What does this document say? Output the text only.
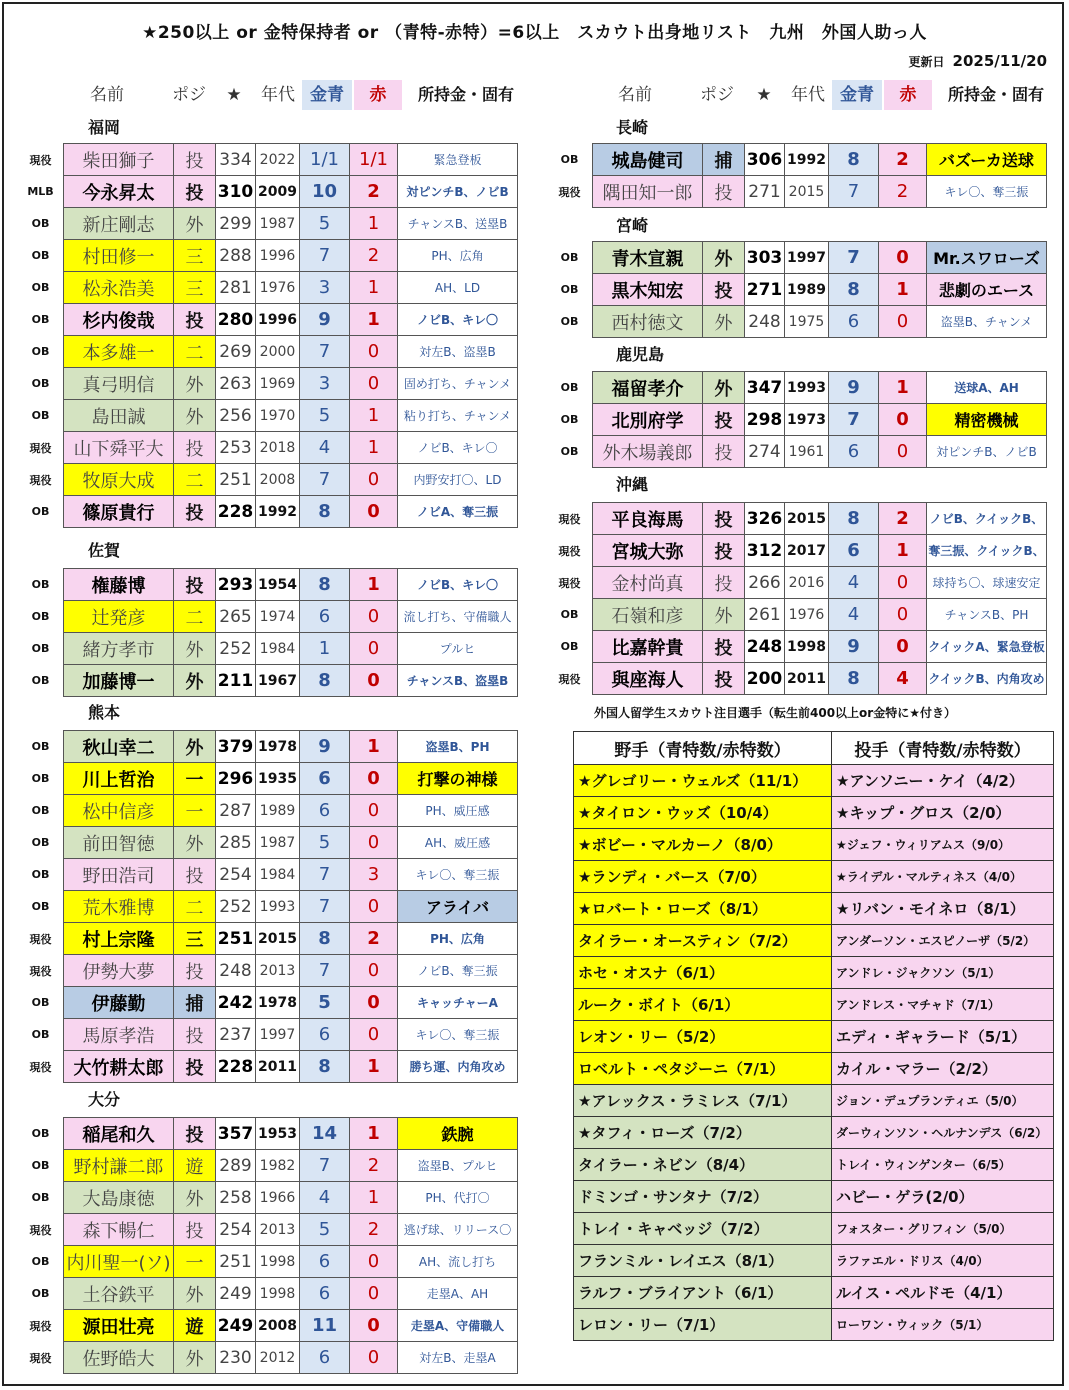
★250以上 or 金特保持者 or （青特-赤特）=6以上　スカウト出身地リスト　九州　外国人助っ人
更新日 2025/11/20
名前	ポジ	★	年代 金青	赤	所持金・固有	名前	ポジ	★	年代 金青	赤	所持金・固有
福岡
現役	柴田獅子	投	334	2022	1/1	1/1	緊急登板
MLB	今永昇太	投	310	2009	10	2	対ピンチB、ノビB
OB	新庄剛志	外	299	1987	5	1	チャンスB、送塁B
OB	村田修一	三	288	1996	7	2	PH、広角
OB	松永浩美	三	281	1976	3	1	AH、LD
OB	杉内俊哉	投	280	1996	9	1	ノビB、キレ〇
OB	本多雄一	二	269	2000	7	0	対左B、盗塁B
OB	真弓明信	外	263	1969	3	0	固め打ち、チャンメ
OB	島田誠	外	256	1970	5	1	粘り打ち、チャンメ
現役	山下舜平大	投	253	2018	4	1	ノビB、キレ〇
現役	牧原大成	二	251	2008	7	0	内野安打〇、LD
OB	篠原貴行	投	228	1992	8	0	ノビA、奪三振
佐賀
OB	権藤博	投	293	1954	8	1	ノビB、キレ〇
OB	辻発彦	二	265	1974	6	0	流し打ち、守備職人
OB	緒方孝市	外	252	1984	1	0	プルヒ
OB	加藤博一	外	211	1967	8	0	チャンスB、盗塁B
熊本
OB	秋山幸二	外	379	1978	9	1	盗塁B、PH
OB	川上哲治	一	296	1935	6	0	打撃の神様
OB	松中信彦	一	287	1989	6	0	PH、威圧感
OB	前田智徳	外	285	1987	5	0	AH、威圧感
OB	野田浩司	投	254	1984	7	3	キレ〇、奪三振
OB	荒木雅博	二	252	1993	7	0	アライバ
現役	村上宗隆	三	251	2015	8	2	PH、広角
現役	伊勢大夢	投	248	2013	7	0	ノビB、奪三振
OB	伊藤勤	捕	242	1978	5	0	キャッチャーA
OB	馬原孝浩	投	237	1997	6	0	キレ〇、奪三振
現役	大竹耕太郎	投	228	2011	8	1	勝ち運、内角攻め
大分
OB	稲尾和久	投	357	1953	14	1	鉄腕
OB	野村謙二郎	遊	289	1982	7	2	盗塁B、プルヒ
OB	大島康徳	外	258	1966	4	1	PH、代打〇
現役	森下暢仁	投	254	2013	5	2	逃げ球、リリース〇
OB	内川聖一(ソ)	一	251	1998	6	0	AH、流し打ち
OB	土谷鉄平	外	249	1998	6	0	走塁A、AH
現役	源田壮亮	遊	249	2008	11	0	走塁A、守備職人
現役	佐野皓大	外	230	2012	6	0	対左B、走塁A
長崎
OB	城島健司	捕	306	1992	8	2	バズーカ送球
現役	隅田知一郎	投	271	2015	7	2	キレ〇、奪三振
宮崎
OB	青木宣親	外	303	1997	7	0	Mr.スワローズ
OB	黒木知宏	投	271	1989	8	1	悲劇のエース
OB	西村徳文	外	248	1975	6	0	盗塁B、チャンメ
鹿児島
OB	福留孝介	外	347	1993	9	1	送球A、AH
OB	北別府学	投	298	1973	7	0	精密機械
OB	外木場義郎	投	274	1961	6	0	対ピンチB、ノビB
沖縄
現役	平良海馬	投	326	2015	8	2	ノビB、クイックB、
現役	宮城大弥	投	312	2017	6	1	奪三振、クイックB、
現役	金村尚真	投	266	2016	4	0	球持ち〇、球速安定
OB	石嶺和彦	外	261	1976	4	0	チャンスB、PH
OB	比嘉幹貴	投	248	1998	9	0	クイックA、緊急登板
現役	與座海人	投	200	2011	8	4	クイックB、内角攻め
外国人留学生スカウト注目選手（転生前400以上or金特に★付き）
野手（青特数/赤特数）	投手（青特数/赤特数）
★グレゴリー・ウェルズ（11/1）	★アンソニー・ケイ（4/2）
★タイロン・ウッズ（10/4）	★キップ・グロス（2/0）
★ボビー・マルカーノ（8/0）	★ジェフ・ウィリアムス（9/0）
★ランディ・バース（7/0）	★ライデル・マルティネス（4/0）
★ロバート・ローズ（8/1）	★リバン・モイネロ（8/1）
タイラー・オースティン（7/2）	アンダーソン・エスピノーザ（5/2）
ホセ・オスナ（6/1）	アンドレ・ジャクソン（5/1）
ルーク・ボイト（6/1）	アンドレス・マチャド（7/1）
レオン・リー（5/2）	エディ・ギャラード（5/1）
ロベルト・ペタジーニ（7/1）	カイル・マラー（2/2）
★アレックス・ラミレス（7/1）	ジョン・デュプランティエ（5/0）
★タフィ・ローズ（7/2）	ダーウィンソン・ヘルナンデス（6/2）
タイラー・ネビン（8/4）	トレイ・ウィンゲンター（6/5）
ドミンゴ・サンタナ（7/2）	ハビー・ゲラ(2/0）
トレイ・キャベッジ（7/2）	フォスター・グリフィン（5/0）
フランミル・レイエス（8/1）	ラファエル・ドリス（4/0）
ラルフ・ブライアント（6/1）	ルイス・ペルドモ（4/1）
レロン・リー（7/1）	ローワン・ウィック（5/1）
